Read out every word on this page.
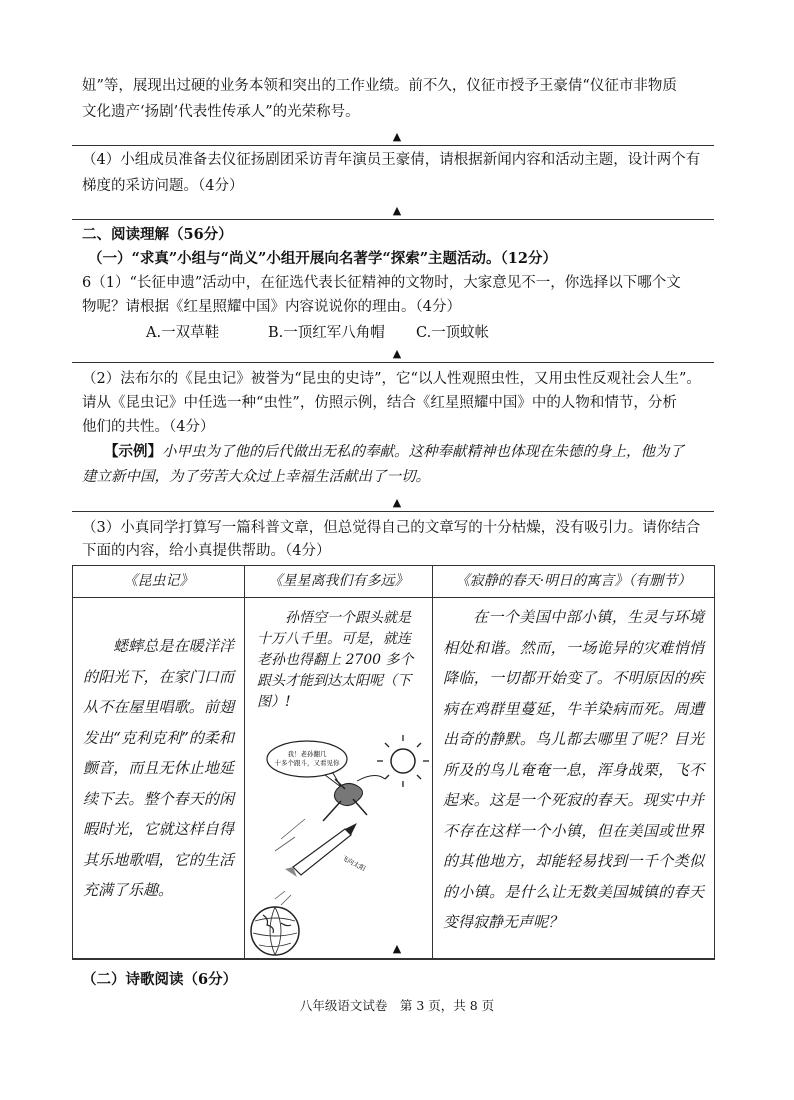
妞”等，展现出过硬的业务本领和突出的工作业绩。前不久，仪征市授予王豪倩“仪征市非物质
文化遗产‘扬剧’代表性传承人”的光荣称号。
▲
（4）小组成员准备去仪征扬剧团采访青年演员王豪倩，请根据新闻内容和活动主题，设计两个有
梯度的采访问题。（4分）
▲
二、阅读理解（56分）
（一）“求真”小组与“尚义”小组开展向名著学“探索”主题活动。（12分）
6（1）“长征申遗”活动中，在征选代表长征精神的文物时，大家意见不一，你选择以下哪个文
物呢？请根据《红星照耀中国》内容说说你的理由。（4分）
A.一双草鞋	B.一顶红军八角帽 C.一顶蚊帐
▲
（2）法布尔的《昆虫记》被誉为“昆虫的史诗”，它“以人性观照虫性，又用虫性反观社会人生”。
请从《昆虫记》中任选一种“虫性”，仿照示例，结合《红星照耀中国》中的人物和情节，分析
他们的共性。（4分）
【示例】小甲虫为了他的后代做出无私的奉献。这种奉献精神也体现在朱德的身上，他为了
建立新中国，为了劳苦大众过上幸福生活献出了一切。
▲
（3）小真同学打算写一篇科普文章，但总觉得自己的文章写的十分枯燥，没有吸引力。请你结合
下面的内容，给小真提供帮助。（4分）
《昆虫记》	《星星离我们有多远》	《寂静的春天·明日的寓言》（有删节）

蟋蟀总是在暖洋洋的阳光下，在家门口而从不在屋里唱歌。前翅发出“克利克利”的柔和颤音，而且无休止地延续下去。整个春天的闲暇时光，它就这样自得其乐地歌唱，它的生活充满了乐趣。	孙悟空一个跟头就是十万八千里。可是，就连老孙也得翻上 2700 多个跟头才能到达太阳呢（下图）!
我！老孙翻几
十多个跟斗，又看见你
飞向太阳	在一个美国中部小镇，生灵与环境相处和谐。然而，一场诡异的灾难悄悄降临，一切都开始变了。不明原因的疾病在鸡群里蔓延，牛羊染病而死。周遭出奇的静默。鸟儿都去哪里了呢？目光所及的鸟儿奄奄一息，浑身战栗，飞不起来。这是一个死寂的春天。现实中并不存在这样一个小镇，但在美国或世界的其他地方，却能轻易找到一千个类似的小镇。是什么让无数美国城镇的春天变得寂静无声呢？
▲
（二）诗歌阅读（6分）
八年级语文试卷　第 3 页，共 8 页
